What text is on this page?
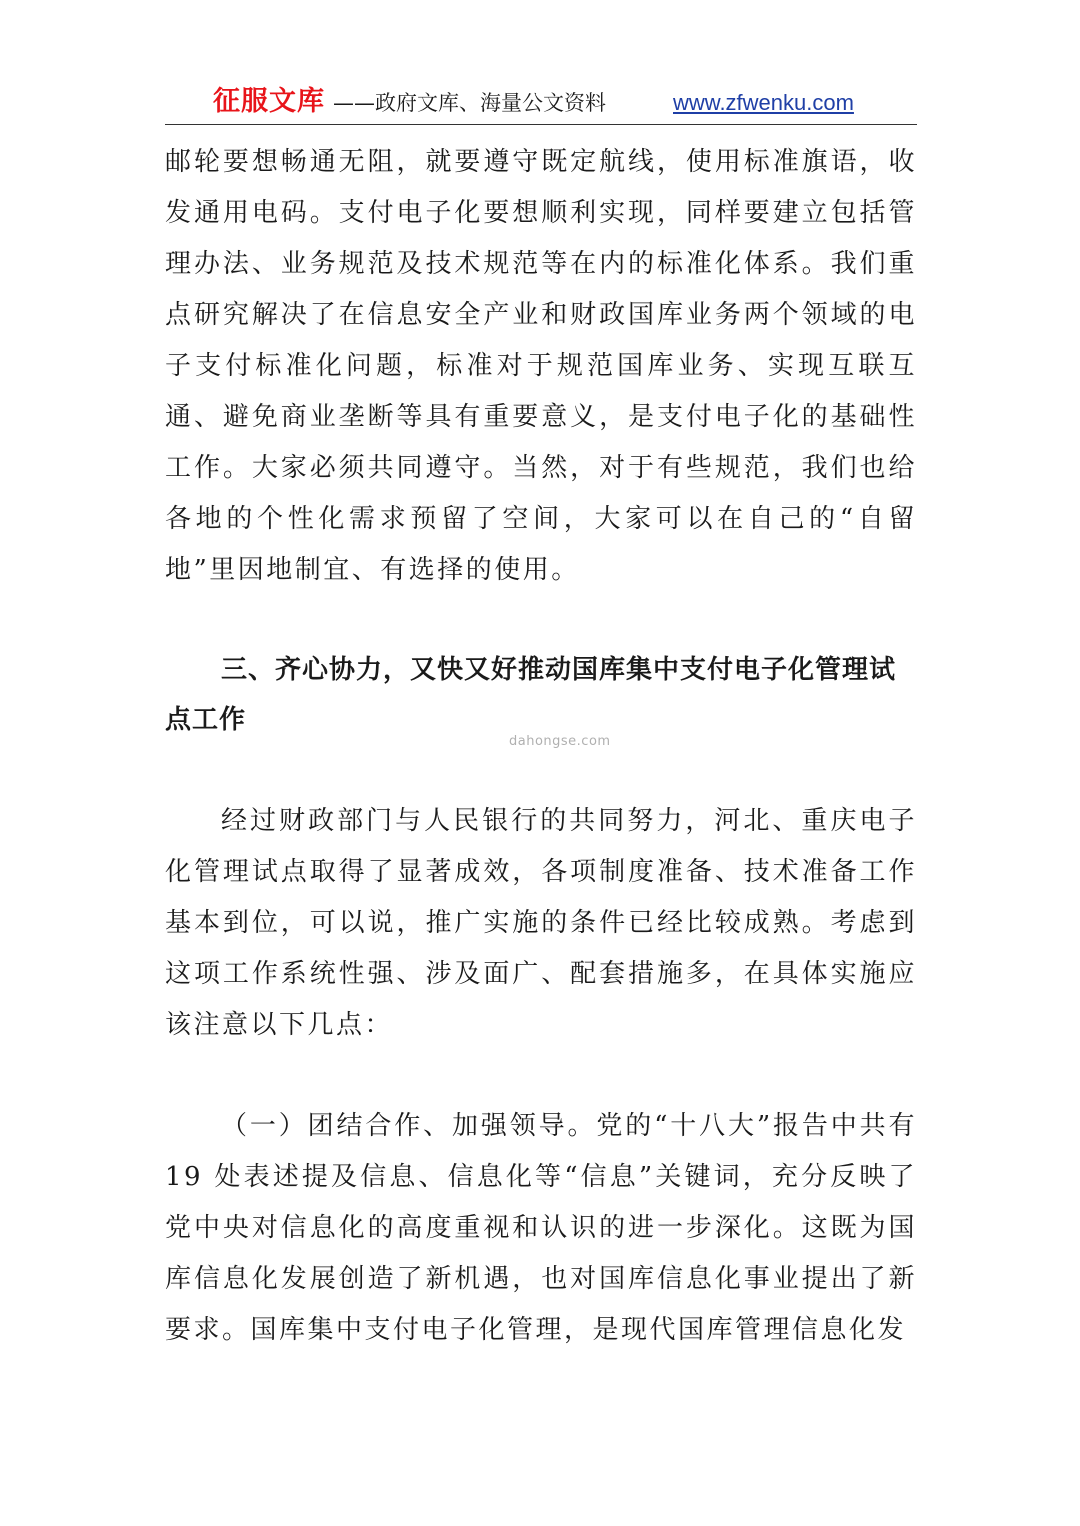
征服文库 ——政府文库、海量公文资料	www.zfwenku.com

邮轮要想畅通无阻，就要遵守既定航线，使用标准旗语，收发通用电码。支付电子化要想顺利实现，同样要建立包括管理办法、业务规范及技术规范等在内的标准化体系。我们重点研究解决了在信息安全产业和财政国库业务两个领域的电子支付标准化问题，标准对于规范国库业务、实现互联互通、避免商业垄断等具有重要意义，是支付电子化的基础性工作。大家必须共同遵守。当然，对于有些规范，我们也给各地的个性化需求预留了空间，大家可以在自己的“自留地”里因地制宜、有选择的使用。

三、齐心协力，又快又好推动国库集中支付电子化管理试点工作

dahongse.com

经过财政部门与人民银行的共同努力，河北、重庆电子化管理试点取得了显著成效，各项制度准备、技术准备工作基本到位，可以说，推广实施的条件已经比较成熟。考虑到这项工作系统性强、涉及面广、配套措施多，在具体实施应该注意以下几点：

（一）团结合作、加强领导。党的“十八大”报告中共有 19 处表述提及信息、信息化等“信息”关键词，充分反映了党中央对信息化的高度重视和认识的进一步深化。这既为国库信息化发展创造了新机遇，也对国库信息化事业提出了新要求。国库集中支付电子化管理，是现代国库管理信息化发
